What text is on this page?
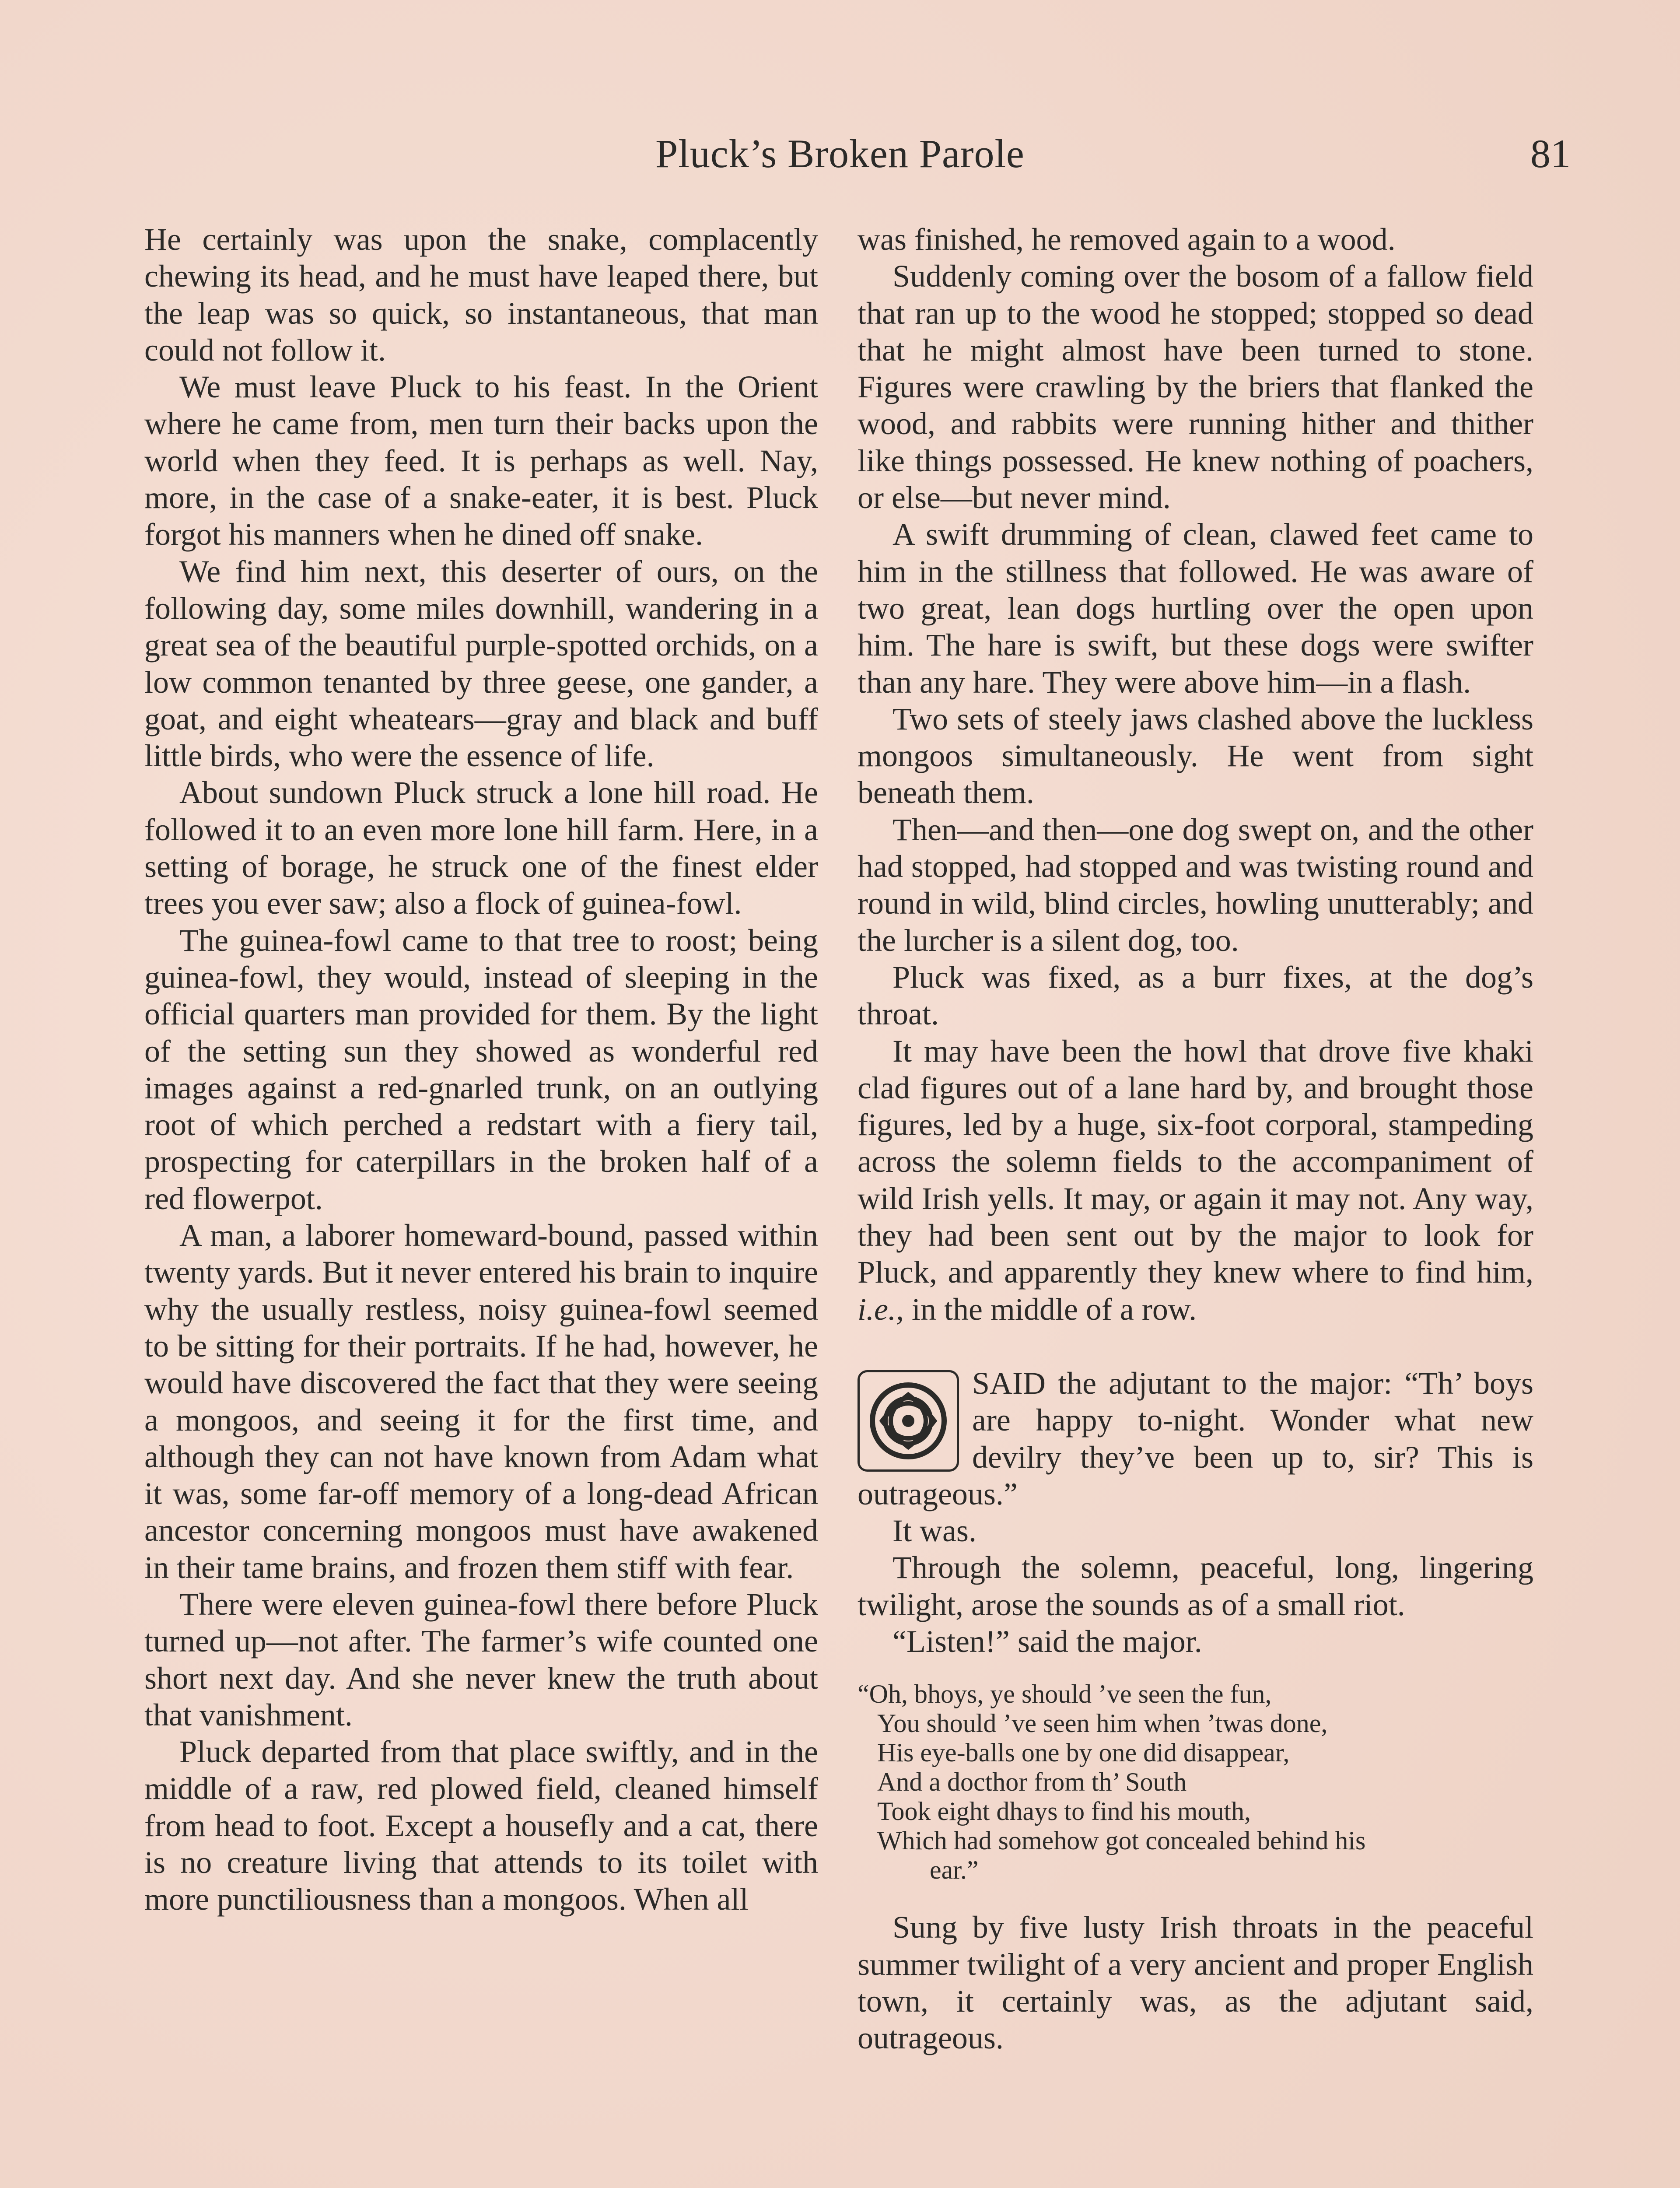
Pluck’s Broken Parole	81

He certainly was upon the snake, complacently chewing its head, and he must have leaped there, but the leap was so quick, so instantaneous, that man could not follow it.

We must leave Pluck to his feast. In the Orient where he came from, men turn their backs upon the world when they feed. It is perhaps as well. Nay, more, in the case of a snake-eater, it is best. Pluck forgot his manners when he dined off snake.

We find him next, this deserter of ours, on the following day, some miles downhill, wandering in a great sea of the beautiful purple-spotted orchids, on a low common tenanted by three geese, one gander, a goat, and eight wheatears—gray and black and buff little birds, who were the essence of life.

About sundown Pluck struck a lone hill road. He followed it to an even more lone hill farm. Here, in a setting of borage, he struck one of the finest elder trees you ever saw; also a flock of guinea-fowl.

The guinea-fowl came to that tree to roost; being guinea-fowl, they would, instead of sleeping in the official quarters man provided for them. By the light of the setting sun they showed as wonderful red images against a red-gnarled trunk, on an outlying root of which perched a redstart with a fiery tail, prospecting for caterpillars in the broken half of a red flowerpot.

A man, a laborer homeward-bound, passed within twenty yards. But it never entered his brain to inquire why the usually restless, noisy guinea-fowl seemed to be sitting for their portraits. If he had, however, he would have discovered the fact that they were seeing a mongoos, and seeing it for the first time, and although they can not have known from Adam what it was, some far-off memory of a long-dead African ancestor concerning mongoos must have awakened in their tame brains, and frozen them stiff with fear.

There were eleven guinea-fowl there before Pluck turned up—not after. The farmer’s wife counted one short next day. And she never knew the truth about that vanishment.

Pluck departed from that place swiftly, and in the middle of a raw, red plowed field, cleaned himself from head to foot. Except a housefly and a cat, there is no creature living that attends to its toilet with more punctiliousness than a mongoos. When all

was finished, he removed again to a wood.

Suddenly coming over the bosom of a fallow field that ran up to the wood he stopped; stopped so dead that he might almost have been turned to stone. Figures were crawling by the briers that flanked the wood, and rabbits were running hither and thither like things possessed. He knew nothing of poachers, or else—but never mind.

A swift drumming of clean, clawed feet came to him in the stillness that followed. He was aware of two great, lean dogs hurtling over the open upon him. The hare is swift, but these dogs were swifter than any hare. They were above him—in a flash.

Two sets of steely jaws clashed above the luckless mongoos simultaneously. He went from sight beneath them.

Then—and then—one dog swept on, and the other had stopped, had stopped and was twisting round and round in wild, blind circles, howling unutterably; and the lurcher is a silent dog, too.

Pluck was fixed, as a burr fixes, at the dog’s throat.

It may have been the howl that drove five khaki clad figures out of a lane hard by, and brought those figures, led by a huge, six-foot corporal, stampeding across the solemn fields to the accompaniment of wild Irish yells. It may, or again it may not. Any way, they had been sent out by the major to look for Pluck, and apparently they knew where to find him, i.e., in the middle of a row.

SAID the adjutant to the major: “Th’ boys are happy to-night. Wonder what new devilry they’ve been up to, sir? This is outrageous.”

It was.

Through the solemn, peaceful, long, lingering twilight, arose the sounds as of a small riot.

“Listen!” said the major.

“Oh, bhoys, ye should ’ve seen the fun,

You should ’ve seen him when ’twas done,

His eye-balls one by one did disappear,

And a docthor from th’ South

Took eight dhays to find his mouth,

Which had somehow got concealed behind his

ear.”

Sung by five lusty Irish throats in the peaceful summer twilight of a very ancient and proper English town, it certainly was, as the adjutant said, outrageous.
